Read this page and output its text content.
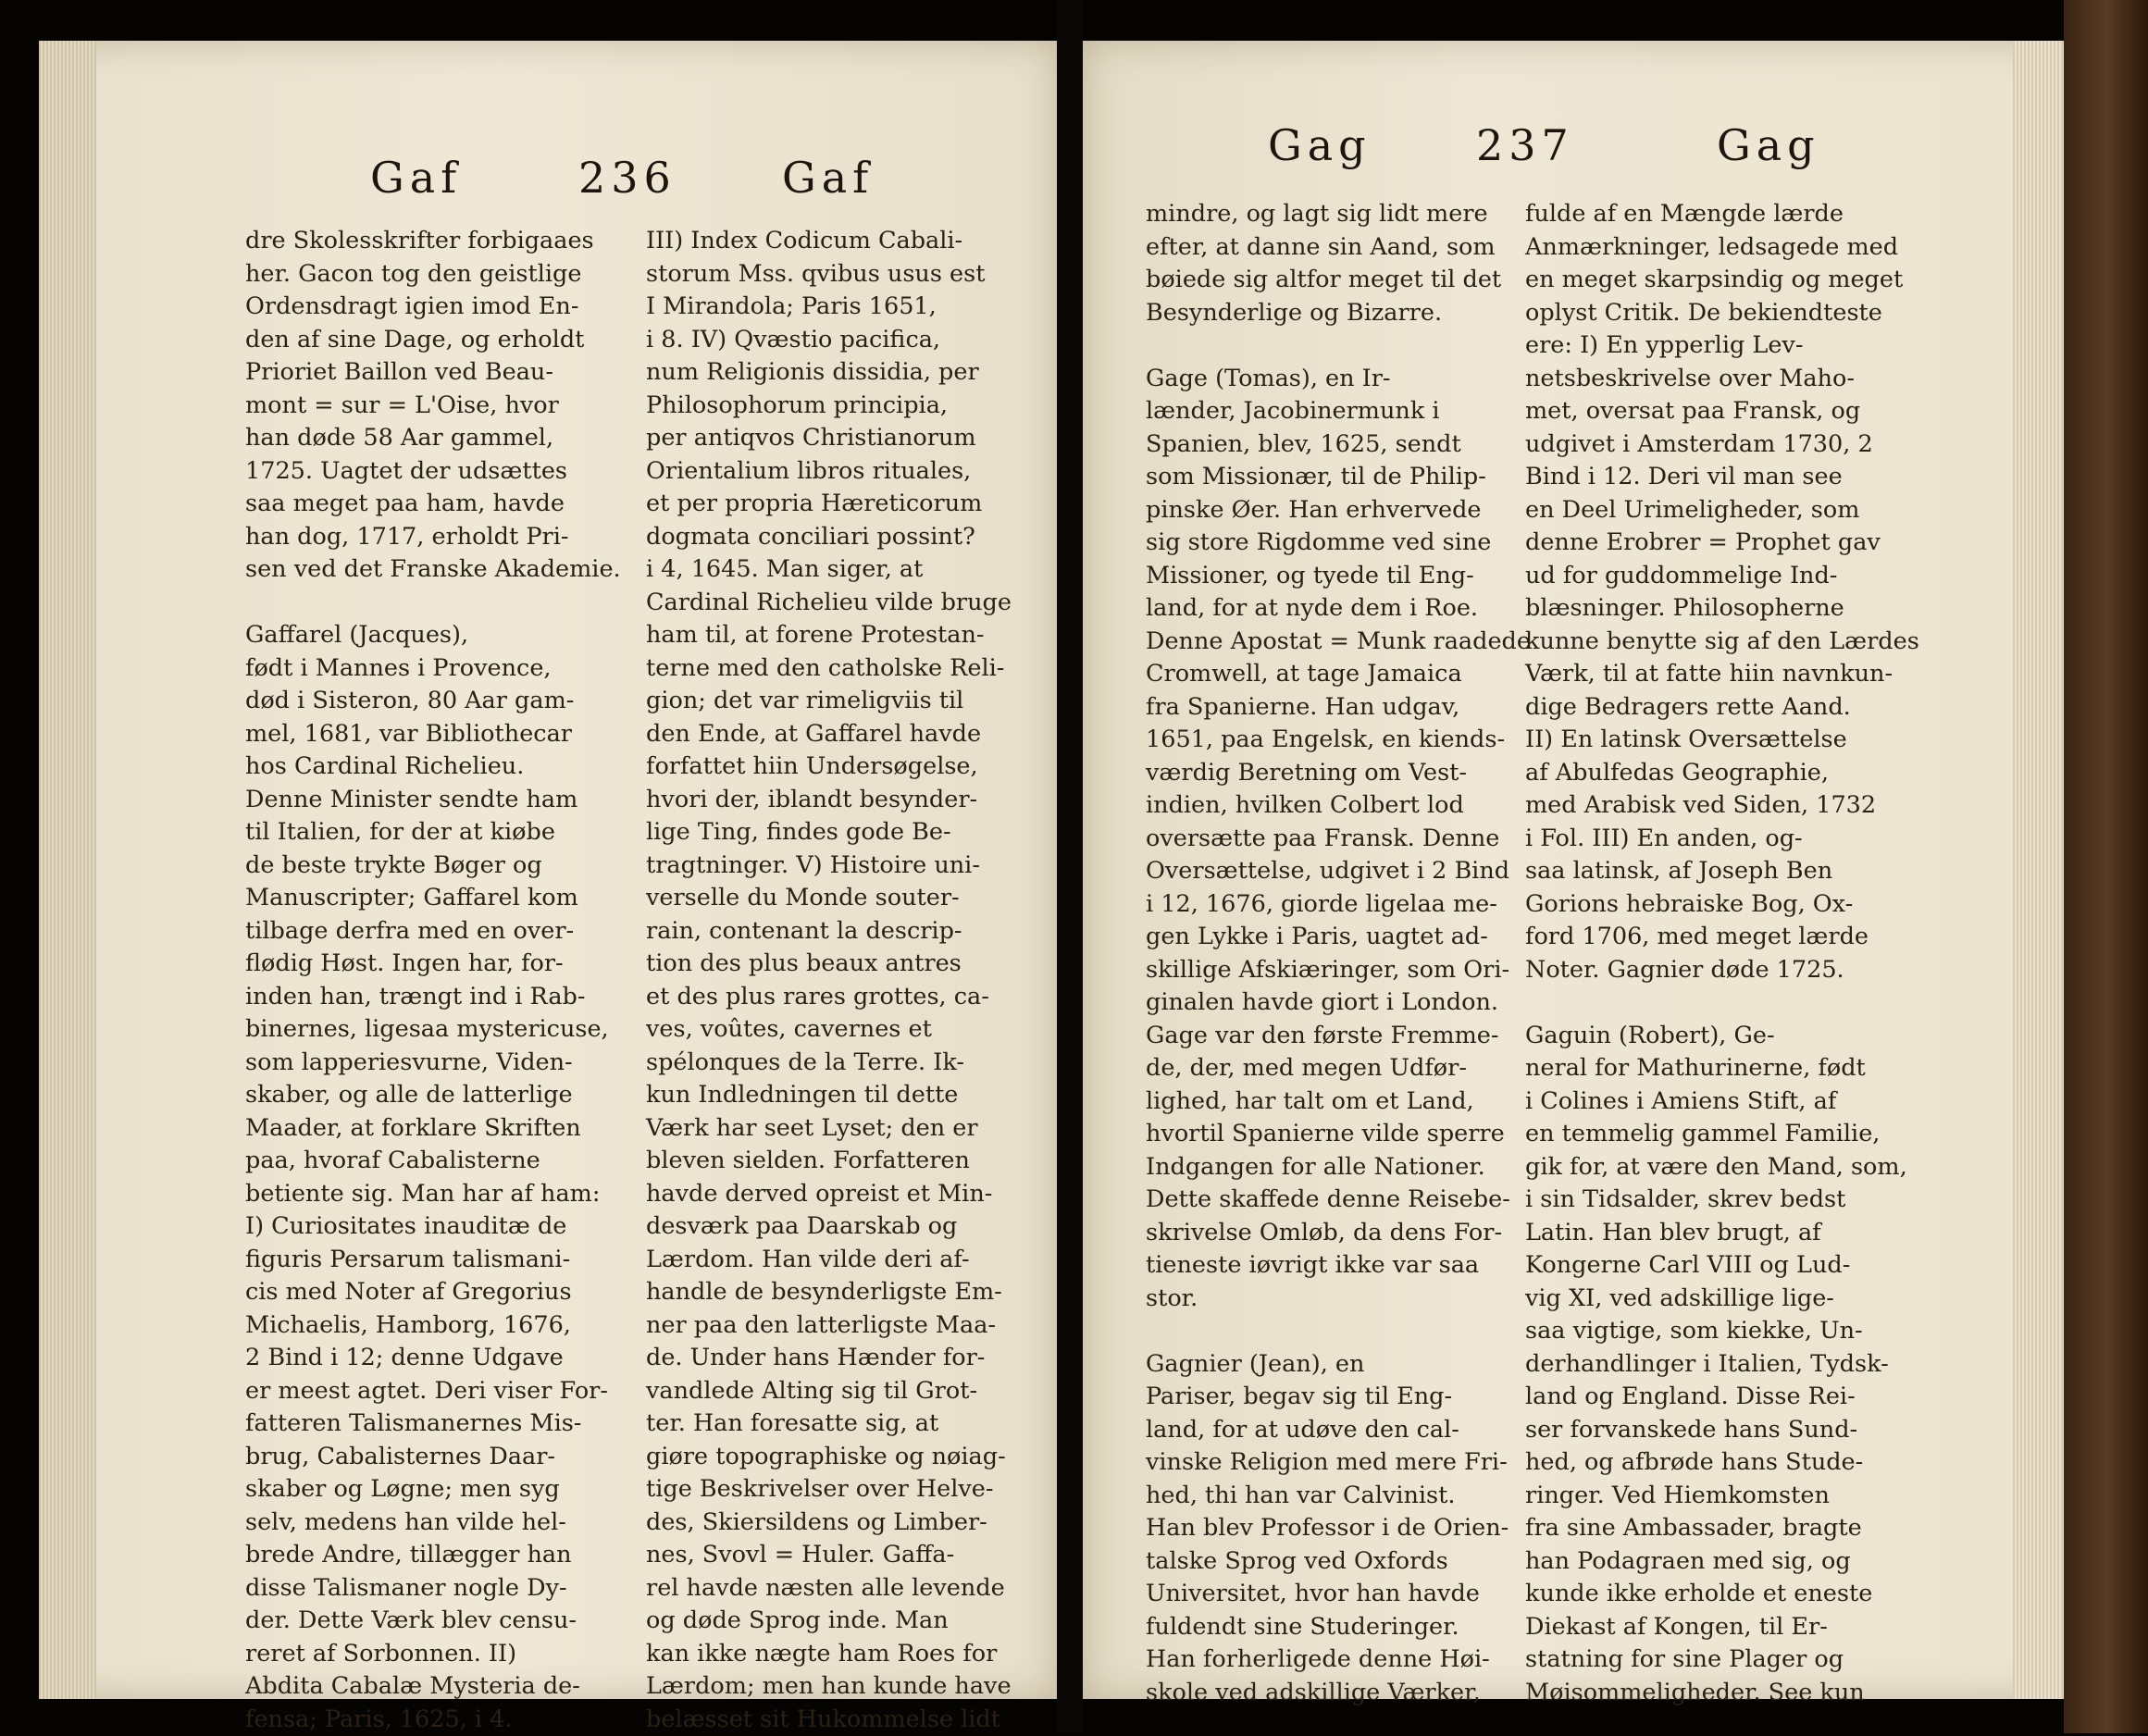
Gaf	236 Gaf
Gag 237	Gag
dre Skolesskrifter forbigaaes
her. Gacon tog den geistlige
Ordensdragt igien imod En-
den af sine Dage, og erholdt
Prioriet Baillon ved Beau-
mont = sur = L'Oise, hvor
han døde 58 Aar gammel,
1725. Uagtet der udsættes
saa meget paa ham, havde
han dog, 1717, erholdt Pri-
sen ved det Franske Akademie.

Gaffarel (Jacques),
født i Mannes i Provence,
død i Sisteron, 80 Aar gam-
mel, 1681, var Bibliothecar
hos Cardinal Richelieu.
Denne Minister sendte ham
til Italien, for der at kiøbe
de beste trykte Bøger og
Manuscripter; Gaffarel kom
tilbage derfra med en over-
flødig Høst. Ingen har, for-
inden han, trængt ind i Rab-
binernes, ligesaa mystericuse,
som lapperiesvurne, Viden-
skaber, og alle de latterlige
Maader, at forklare Skriften
paa, hvoraf Cabalisterne
betiente sig. Man har af ham:
I) Curiositates inauditæ de
figuris Persarum talismani-
cis med Noter af Gregorius
Michaelis, Hamborg, 1676,
2 Bind i 12; denne Udgave
er meest agtet. Deri viser For-
fatteren Talismanernes Mis-
brug, Cabalisternes Daar-
skaber og Løgne; men syg
selv, medens han vilde hel-
brede Andre, tillægger han
disse Talismaner nogle Dy-
der. Dette Værk blev censu-
reret af Sorbonnen. II)
Abdita Cabalæ Mysteria de-
fensa; Paris, 1625, i 4.
III) Index Codicum Cabali-
storum Mss. qvibus usus est
I Mirandola; Paris 1651,
i 8. IV) Qvæstio pacifica,
num Religionis dissidia, per
Philosophorum principia,
per antiqvos Christianorum
Orientalium libros rituales,
et per propria Hæreticorum
dogmata conciliari possint?
i 4, 1645. Man siger, at
Cardinal Richelieu vilde bruge
ham til, at forene Protestan-
terne med den catholske Reli-
gion; det var rimeligviis til
den Ende, at Gaffarel havde
forfattet hiin Undersøgelse,
hvori der, iblandt besynder-
lige Ting, findes gode Be-
tragtninger. V) Histoire uni-
verselle du Monde souter-
rain, contenant la descrip-
tion des plus beaux antres
et des plus rares grottes, ca-
ves, voûtes, cavernes et
spélonques de la Terre. Ik-
kun Indledningen til dette
Værk har seet Lyset; den er
bleven sielden. Forfatteren
havde derved opreist et Min-
desværk paa Daarskab og
Lærdom. Han vilde deri af-
handle de besynderligste Em-
ner paa den latterligste Maa-
de. Under hans Hænder for-
vandlede Alting sig til Grot-
ter. Han foresatte sig, at
giøre topographiske og nøiag-
tige Beskrivelser over Helve-
des, Skiersildens og Limber-
nes, Svovl = Huler. Gaffa-
rel havde næsten alle levende
og døde Sprog inde. Man
kan ikke nægte ham Roes for
Lærdom; men han kunde have
belæsset sit Hukommelse lidt
mindre, og lagt sig lidt mere
efter, at danne sin Aand, som
bøiede sig altfor meget til det
Besynderlige og Bizarre.

Gage (Tomas), en Ir-
lænder, Jacobinermunk i
Spanien, blev, 1625, sendt
som Missionær, til de Philip-
pinske Øer. Han erhvervede
sig store Rigdomme ved sine
Missioner, og tyede til Eng-
land, for at nyde dem i Roe.
Denne Apostat = Munk raadede
Cromwell, at tage Jamaica
fra Spanierne. Han udgav,
1651, paa Engelsk, en kiends-
værdig Beretning om Vest-
indien, hvilken Colbert lod
oversætte paa Fransk. Denne
Oversættelse, udgivet i 2 Bind
i 12, 1676, giorde ligelaa me-
gen Lykke i Paris, uagtet ad-
skillige Afskiæringer, som Ori-
ginalen havde giort i London.
Gage var den første Fremme-
de, der, med megen Udfør-
lighed, har talt om et Land,
hvortil Spanierne vilde sperre
Indgangen for alle Nationer.
Dette skaffede denne Reisebe-
skrivelse Omløb, da dens For-
tieneste iøvrigt ikke var saa
stor.

Gagnier (Jean), en
Pariser, begav sig til Eng-
land, for at udøve den cal-
vinske Religion med mere Fri-
hed, thi han var Calvinist.
Han blev Professor i de Orien-
talske Sprog ved Oxfords
Universitet, hvor han havde
fuldendt sine Studeringer.
Han forherligede denne Høi-
skole ved adskillige Værker,
fulde af en Mængde lærde
Anmærkninger, ledsagede med
en meget skarpsindig og meget
oplyst Critik. De bekiendteste
ere: I) En ypperlig Lev-
netsbeskrivelse over Maho-
met, oversat paa Fransk, og
udgivet i Amsterdam 1730, 2
Bind i 12. Deri vil man see
en Deel Urimeligheder, som
denne Erobrer = Prophet gav
ud for guddommelige Ind-
blæsninger. Philosopherne
kunne benytte sig af den Lærdes
Værk, til at fatte hiin navnkun-
dige Bedragers rette Aand.
II) En latinsk Oversættelse
af Abulfedas Geographie,
med Arabisk ved Siden, 1732
i Fol. III) En anden, og-
saa latinsk, af Joseph Ben
Gorions hebraiske Bog, Ox-
ford 1706, med meget lærde
Noter. Gagnier døde 1725.

Gaguin (Robert), Ge-
neral for Mathurinerne, født
i Colines i Amiens Stift, af
en temmelig gammel Familie,
gik for, at være den Mand, som,
i sin Tidsalder, skrev bedst
Latin. Han blev brugt, af
Kongerne Carl VIII og Lud-
vig XI, ved adskillige lige-
saa vigtige, som kiekke, Un-
derhandlinger i Italien, Tydsk-
land og England. Disse Rei-
ser forvanskede hans Sund-
hed, og afbrøde hans Stude-
ringer. Ved Hiemkomsten
fra sine Ambassader, bragte
han Podagraen med sig, og
kunde ikke erholde et eneste
Diekast af Kongen, til Er-
statning for sine Plager og
Møisommeligheder. See kun
